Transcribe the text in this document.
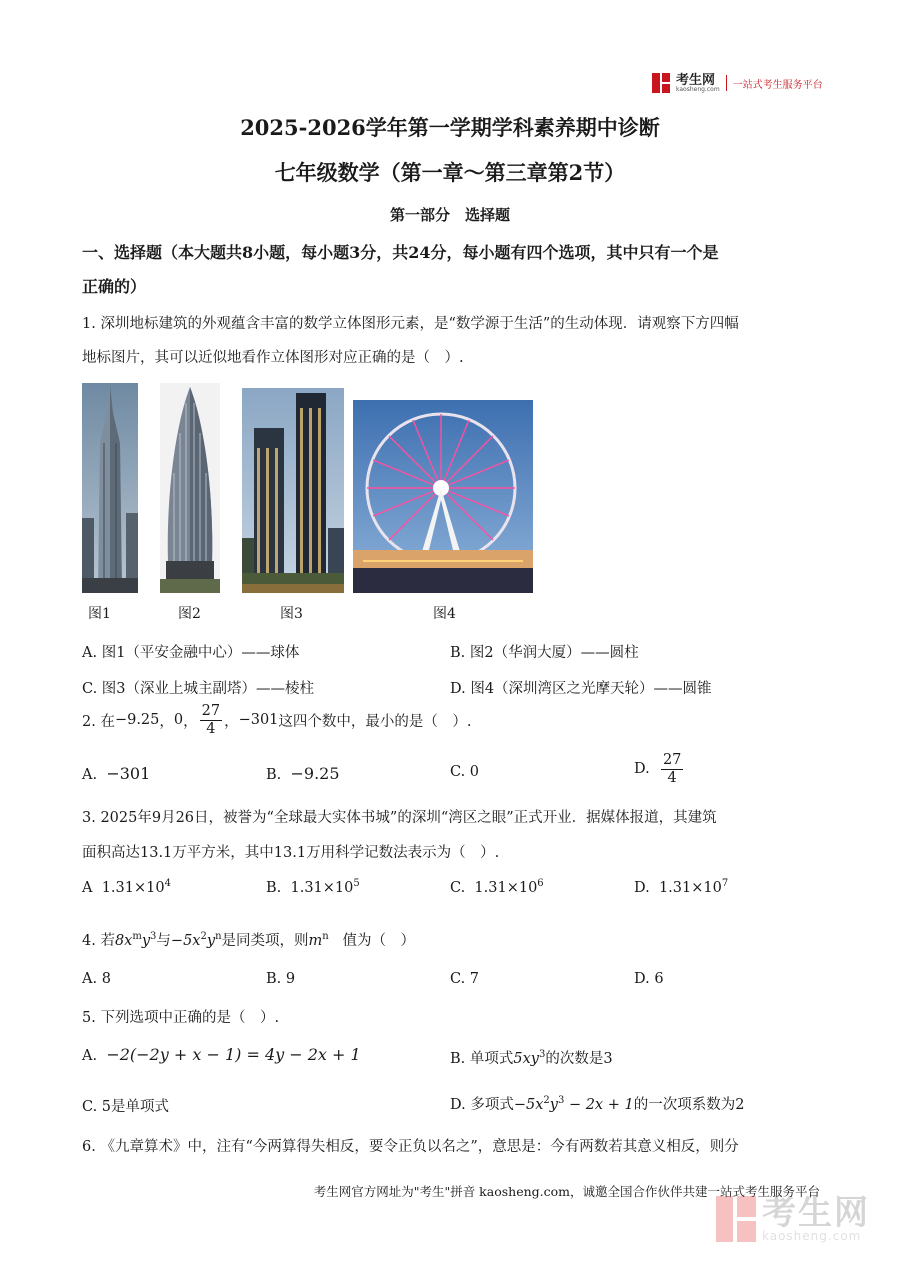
考生网
kaosheng.com 一站式考生服务平台
2025-2026学年第一学期学科素养期中诊断
七年级数学（第一章～第三章第2节）
第一部分　选择题
一、选择题（本大题共8小题，每小题3分，共24分，每小题有四个选项，其中只有一个是
正确的）
1. 深圳地标建筑的外观蕴含丰富的数学立体图形元素，是“数学源于生活”的生动体现．请观察下方四幅
地标图片，其可以近似地看作立体图形对应正确的是（　）.
图1	图2	图3	图4
A. 图1（平安金融中心）——球体	B. 图2（华润大厦）——圆柱
C. 图3（深业上城主副塔）——棱柱	D. 图4（深圳湾区之光摩天轮）——圆锥
2. 在 −9.25 ， 0 ， $\frac{27}{4}$ ， −301 这四个数中，最小的是（　）.
A. −301	B. −9.25	C. 0	D.
$\frac{27}{4}$
3. 2025年9月26日，被誉为“全球最大实体书城”的深圳“湾区之眼”正式开业．据媒体报道，其建筑
面积高达13.1万平方米，其中13.1万用科学记数法表示为（　）.
A $1.31\times 10^4$	B. $1.31\times 10^5$	C. $1.31\times 10^6$	D. $1.31\times 10^7$
4. 若$8x^my^3$与$-5x^2y^n$是同类项，则$m^n$ 值为（　）
A. 8	B. 9	C. 7	D. 6
5. 下列选项中正确的是（　）.
A. −2(−2y + x − 1) = 4y − 2x + 1	B. 单项式$5xy^3$的次数是3
C. 5是单项式	D. 多项式$-5x^2y^3 - 2x + 1$的一次项系数为2
6. 《九章算术》中，注有“今两算得失相反，要令正负以名之”，意思是：今有两数若其意义相反，则分
考生网官方网址为"考生"拼音 kaosheng.com，诚邀全国合作伙伴共建一站式考生服务平台
考生网
kaosheng.com
